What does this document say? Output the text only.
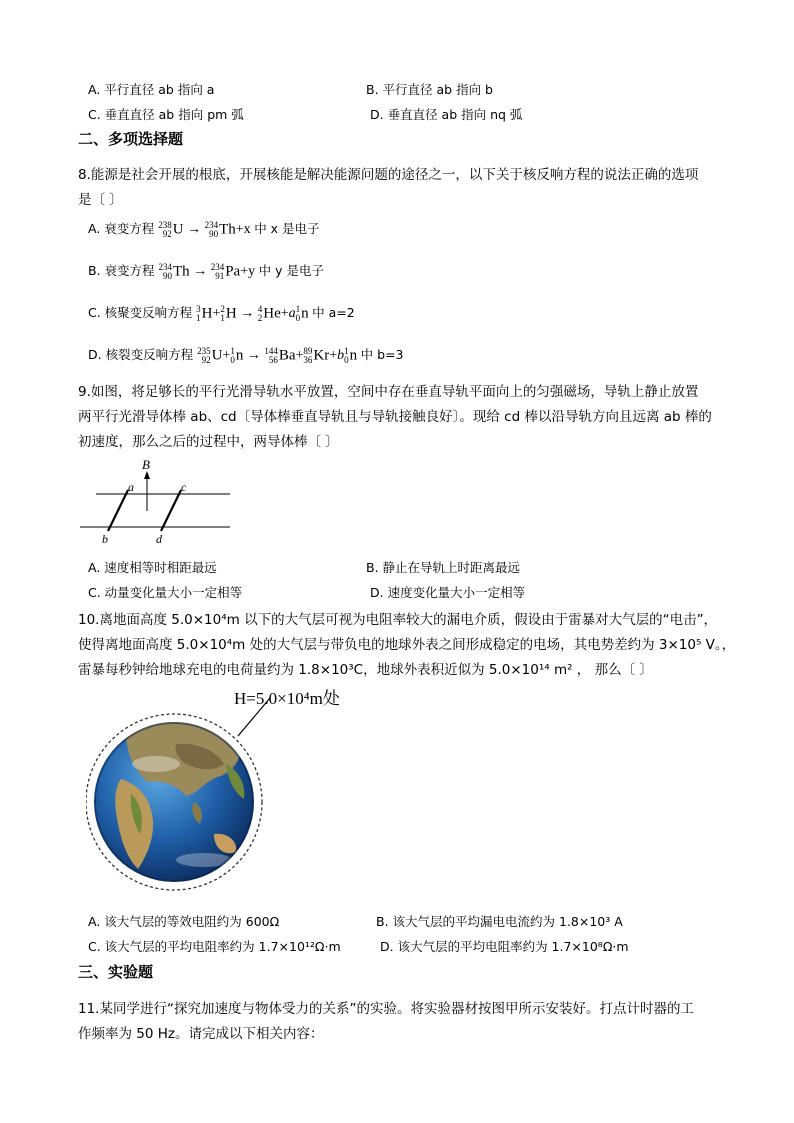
A. 平行直径 ab 指向 a	B. 平行直径 ab 指向 b
C. 垂直直径 ab 指向 pm 弧	D. 垂直直径 ab 指向 nq 弧
二、多项选择题
8.能源是社会开展的根底，开展核能是解决能源问题的途径之一，以下关于核反响方程的说法正确的选项
是〔 〕
A. 衰变方程 238
92 U → 234
90 Th+x 中 x 是电子
B. 衰变方程 234
90 Th → 234
91 Pa+y 中 y 是电子
C. 核聚变反响方程 3
1 H+ 2
1 H → 4
2 He+a 1
0 n 中 a=2
D. 核裂变反响方程 235
92 U+ 1
0 n → 144
56 Ba+ 89
36 Kr+b 1
0 n 中 b=3
9.如图，将足够长的平行光滑导轨水平放置，空间中存在垂直导轨平面向上的匀强磁场，导轨上静止放置
两平行光滑导体棒 ab、cd〔导体棒垂直导轨且与导轨接触良好〕。现给 cd 棒以沿导轨方向且远离 ab 棒的
初速度，那么之后的过程中，两导体棒〔 〕
B
a	c
b	d
A. 速度相等时相距最远	B. 静止在导轨上时距离最远
C. 动量变化量大小一定相等	D. 速度变化量大小一定相等
10.离地面高度 5.0×10⁴m 以下的大气层可视为电阻率较大的漏电介质，假设由于雷暴对大气层的“电击”，
使得离地面高度 5.0×10⁴m 处的大气层与带负电的地球外表之间形成稳定的电场，其电势差约为 3×10⁵ V。，
雷暴每秒钟给地球充电的电荷量约为 1.8×10³C，地球外表积近似为 5.0×10¹⁴ m² ， 那么〔 〕
H=5.0×10⁴m处
A. 该大气层的等效电阻约为 600Ω	B. 该大气层的平均漏电电流约为 1.8×10³ A
C. 该大气层的平均电阻率约为 1.7×10¹²Ω·m	D. 该大气层的平均电阻率约为 1.7×10⁸Ω·m
三、实验题
11.某同学进行“探究加速度与物体受力的关系”的实验。将实验器材按图甲所示安装好。打点计时器的工
作频率为 50 Hz。请完成以下相关内容：
